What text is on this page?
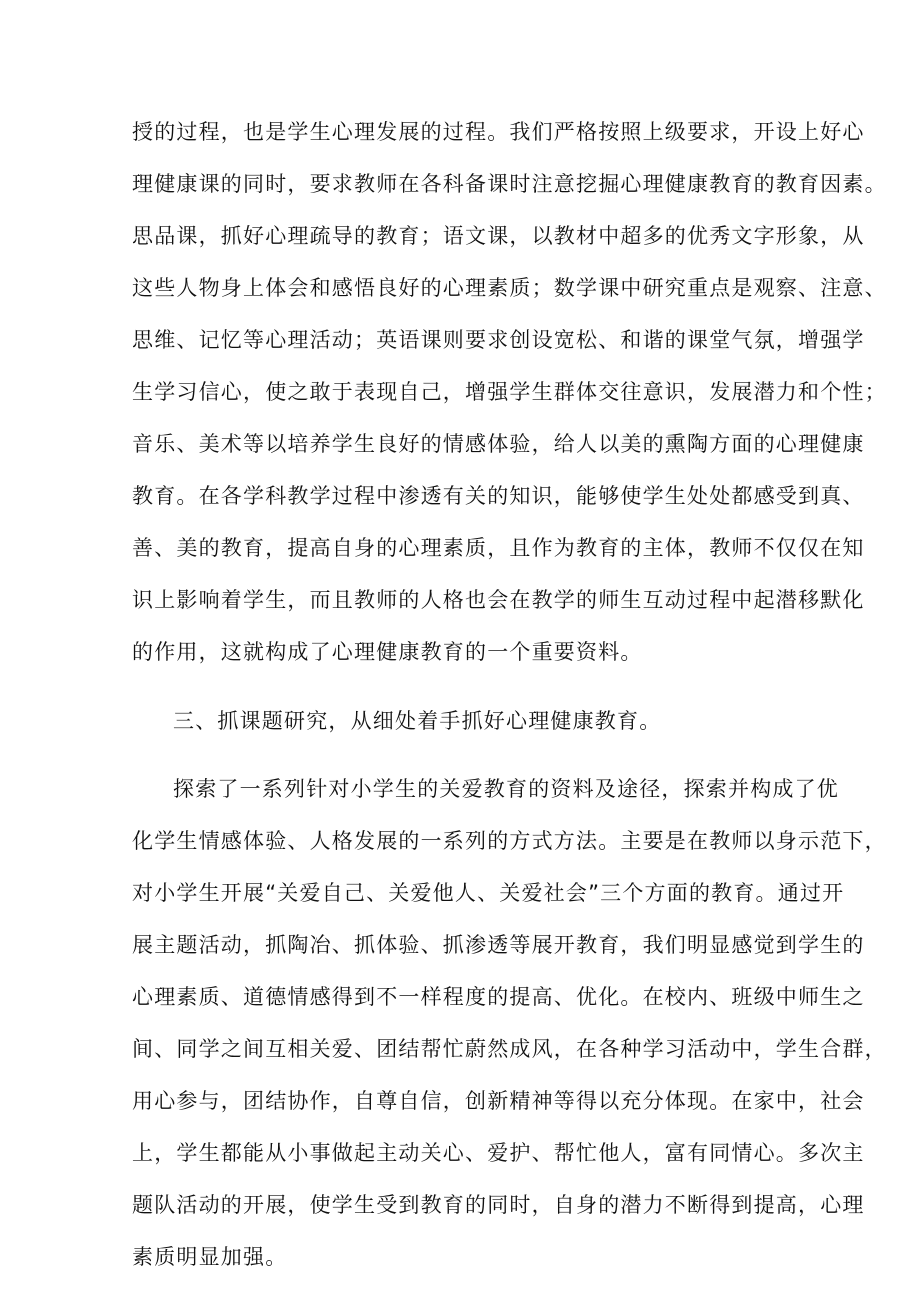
授的过程，也是学生心理发展的过程。我们严格按照上级要求，开设上好心
理健康课的同时，要求教师在各科备课时注意挖掘心理健康教育的教育因素。
思品课，抓好心理疏导的教育；语文课，以教材中超多的优秀文字形象，从
这些人物身上体会和感悟良好的心理素质；数学课中研究重点是观察、注意、
思维、记忆等心理活动；英语课则要求创设宽松、和谐的课堂气氛，增强学
生学习信心，使之敢于表现自己，增强学生群体交往意识，发展潜力和个性；
音乐、美术等以培养学生良好的情感体验，给人以美的熏陶方面的心理健康
教育。在各学科教学过程中渗透有关的知识，能够使学生处处都感受到真、
善、美的教育，提高自身的心理素质，且作为教育的主体，教师不仅仅在知
识上影响着学生，而且教师的人格也会在教学的师生互动过程中起潜移默化
的作用，这就构成了心理健康教育的一个重要资料。
三、抓课题研究，从细处着手抓好心理健康教育。
探索了一系列针对小学生的关爱教育的资料及途径，探索并构成了优
化学生情感体验、人格发展的一系列的方式方法。主要是在教师以身示范下，
对小学生开展“关爱自己、关爱他人、关爱社会”三个方面的教育。通过开
展主题活动，抓陶冶、抓体验、抓渗透等展开教育，我们明显感觉到学生的
心理素质、道德情感得到不一样程度的提高、优化。在校内、班级中师生之
间、同学之间互相关爱、团结帮忙蔚然成风，在各种学习活动中，学生合群，
用心参与，团结协作，自尊自信，创新精神等得以充分体现。在家中，社会
上，学生都能从小事做起主动关心、爱护、帮忙他人，富有同情心。多次主
题队活动的开展，使学生受到教育的同时，自身的潜力不断得到提高，心理
素质明显加强。
